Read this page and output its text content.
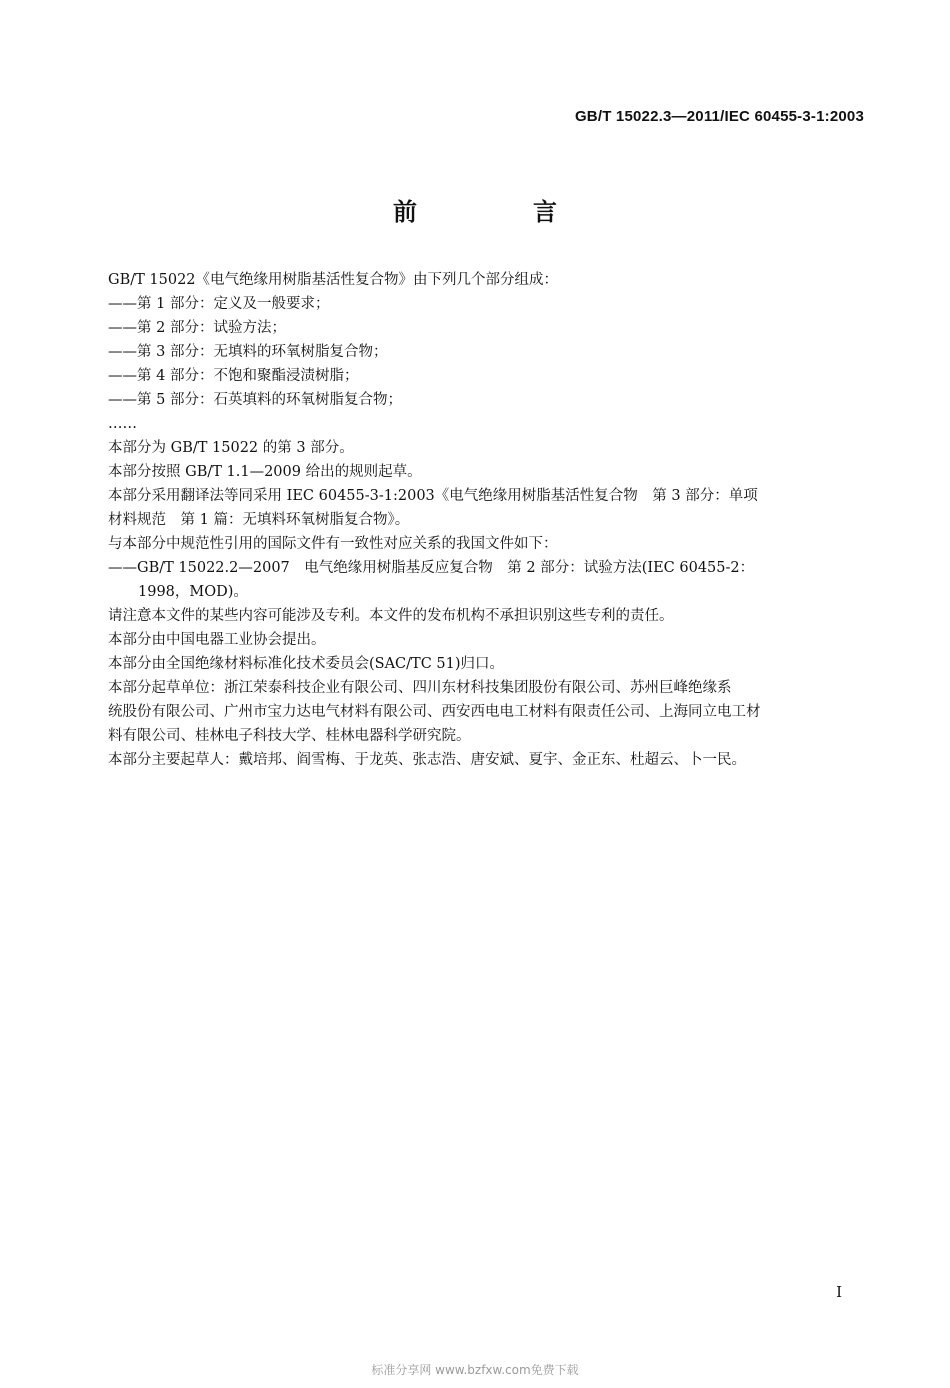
GB/T 15022.3—2011/IEC 60455-3-1:2003
前　言
GB/T 15022《电气绝缘用树脂基活性复合物》由下列几个部分组成：
——第 1 部分：定义及一般要求；
——第 2 部分：试验方法；
——第 3 部分：无填料的环氧树脂复合物；
——第 4 部分：不饱和聚酯浸渍树脂；
——第 5 部分：石英填料的环氧树脂复合物；
……
本部分为 GB/T 15022 的第 3 部分。
本部分按照 GB/T 1.1—2009 给出的规则起草。
本部分采用翻译法等同采用 IEC 60455-3-1:2003《电气绝缘用树脂基活性复合物　第 3 部分：单项
材料规范　第 1 篇：无填料环氧树脂复合物》。
与本部分中规范性引用的国际文件有一致性对应关系的我国文件如下：
——GB/T 15022.2—2007　电气绝缘用树脂基反应复合物　第 2 部分：试验方法(IEC 60455-2：
1998，MOD)。
请注意本文件的某些内容可能涉及专利。本文件的发布机构不承担识别这些专利的责任。
本部分由中国电器工业协会提出。
本部分由全国绝缘材料标准化技术委员会(SAC/TC 51)归口。
本部分起草单位：浙江荣泰科技企业有限公司、四川东材科技集团股份有限公司、苏州巨峰绝缘系
统股份有限公司、广州市宝力达电气材料有限公司、西安西电电工材料有限责任公司、上海同立电工材
料有限公司、桂林电子科技大学、桂林电器科学研究院。
本部分主要起草人：戴培邦、阎雪梅、于龙英、张志浩、唐安斌、夏宇、金正东、杜超云、卜一民。
I
标准分享网 www.bzfxw.com免费下载
